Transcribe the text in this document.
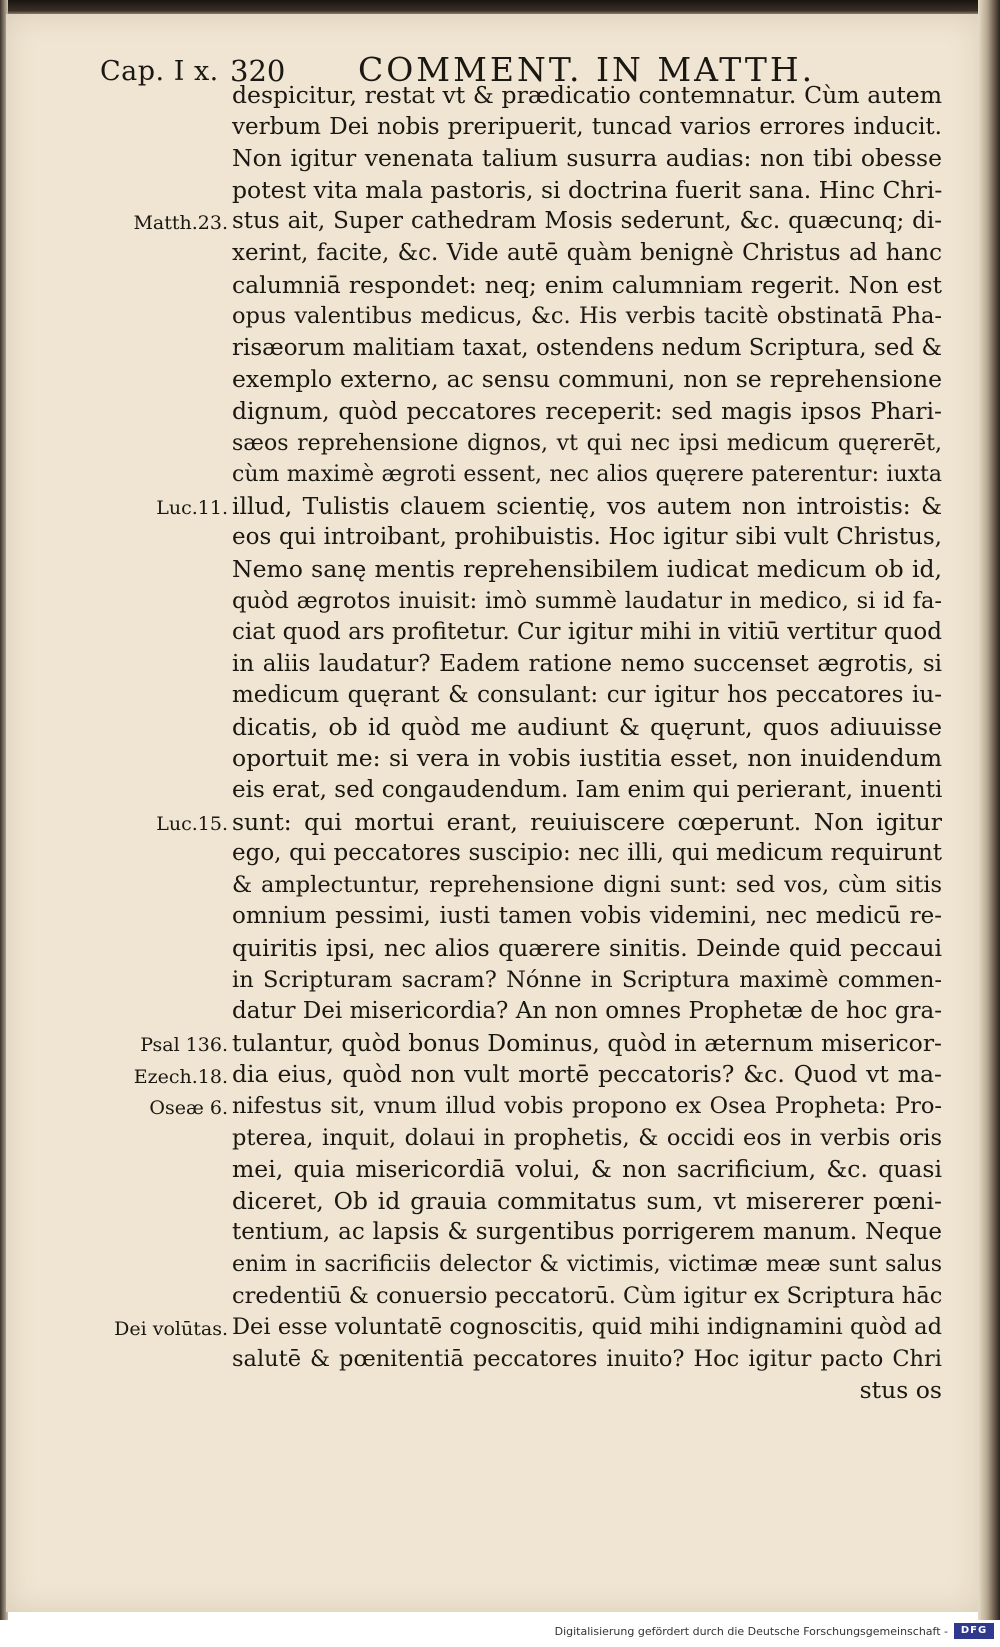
Cap. I x. 320 COMMENT. IN MATTH.
despicitur, restat vt & prædicatio contemnatur. Cùm autem
verbum Dei nobis preripuerit, tuncad varios errores inducit.
Non igitur venenata talium susurra audias: non tibi obesse
potest vita mala pastoris, si doctrina fuerit sana. Hinc Chri-
stus ait, Super cathedram Mosis sederunt, &c. quæcunq; di-
xerint, facite, &c. Vide autē quàm benignè Christus ad hanc
calumniā respondet: neq; enim calumniam regerit. Non est
opus valentibus medicus, &c. His verbis tacitè obstinatā Pha-
risæorum malitiam taxat, ostendens nedum Scriptura, sed &
exemplo externo, ac sensu communi, non se reprehensione
dignum, quòd peccatores receperit: sed magis ipsos Phari-
sæos reprehensione dignos, vt qui nec ipsi medicum quęrerēt,
cùm maximè ægroti essent, nec alios quęrere paterentur: iuxta
illud, Tulistis clauem scientię, vos autem non introistis: &
eos qui introibant, prohibuistis. Hoc igitur sibi vult Christus,
Nemo sanę mentis reprehensibilem iudicat medicum ob id,
quòd ægrotos inuisit: imò summè laudatur in medico, si id fa-
ciat quod ars profitetur. Cur igitur mihi in vitiū vertitur quod
in aliis laudatur? Eadem ratione nemo succenset ægrotis, si
medicum quęrant & consulant: cur igitur hos peccatores iu-
dicatis, ob id quòd me audiunt & quęrunt, quos adiuuisse
oportuit me: si vera in vobis iustitia esset, non inuidendum
eis erat, sed congaudendum. Iam enim qui perierant, inuenti
sunt: qui mortui erant, reuiuiscere cœperunt. Non igitur
ego, qui peccatores suscipio: nec illi, qui medicum requirunt
& amplectuntur, reprehensione digni sunt: sed vos, cùm sitis
omnium pessimi, iusti tamen vobis videmini, nec medicū re-
quiritis ipsi, nec alios quærere sinitis. Deinde quid peccaui
in Scripturam sacram? Nónne in Scriptura maximè commen-
datur Dei misericordia? An non omnes Prophetæ de hoc gra-
tulantur, quòd bonus Dominus, quòd in æternum misericor-
dia eius, quòd non vult mortē peccatoris? &c. Quod vt ma-
nifestus sit, vnum illud vobis propono ex Osea Propheta: Pro-
pterea, inquit, dolaui in prophetis, & occidi eos in verbis oris
mei, quia misericordiā volui, & non sacrificium, &c. quasi
diceret, Ob id grauia commitatus sum, vt misererer pœni-
tentium, ac lapsis & surgentibus porrigerem manum. Neque
enim in sacrificiis delector & victimis, victimæ meæ sunt salus
credentiū & conuersio peccatorū. Cùm igitur ex Scriptura hāc
Dei esse voluntatē cognoscitis, quid mihi indignamini quòd ad
salutē & pœnitentiā peccatores inuito? Hoc igitur pacto Chri
stus os
Matth.23.
Luc.11.
Luc.15.
Psal 136.
Ezech.18.
Oseæ 6.
Dei volūtas.
Digitalisierung gefördert durch die Deutsche Forschungsgemeinschaft -	DFG
